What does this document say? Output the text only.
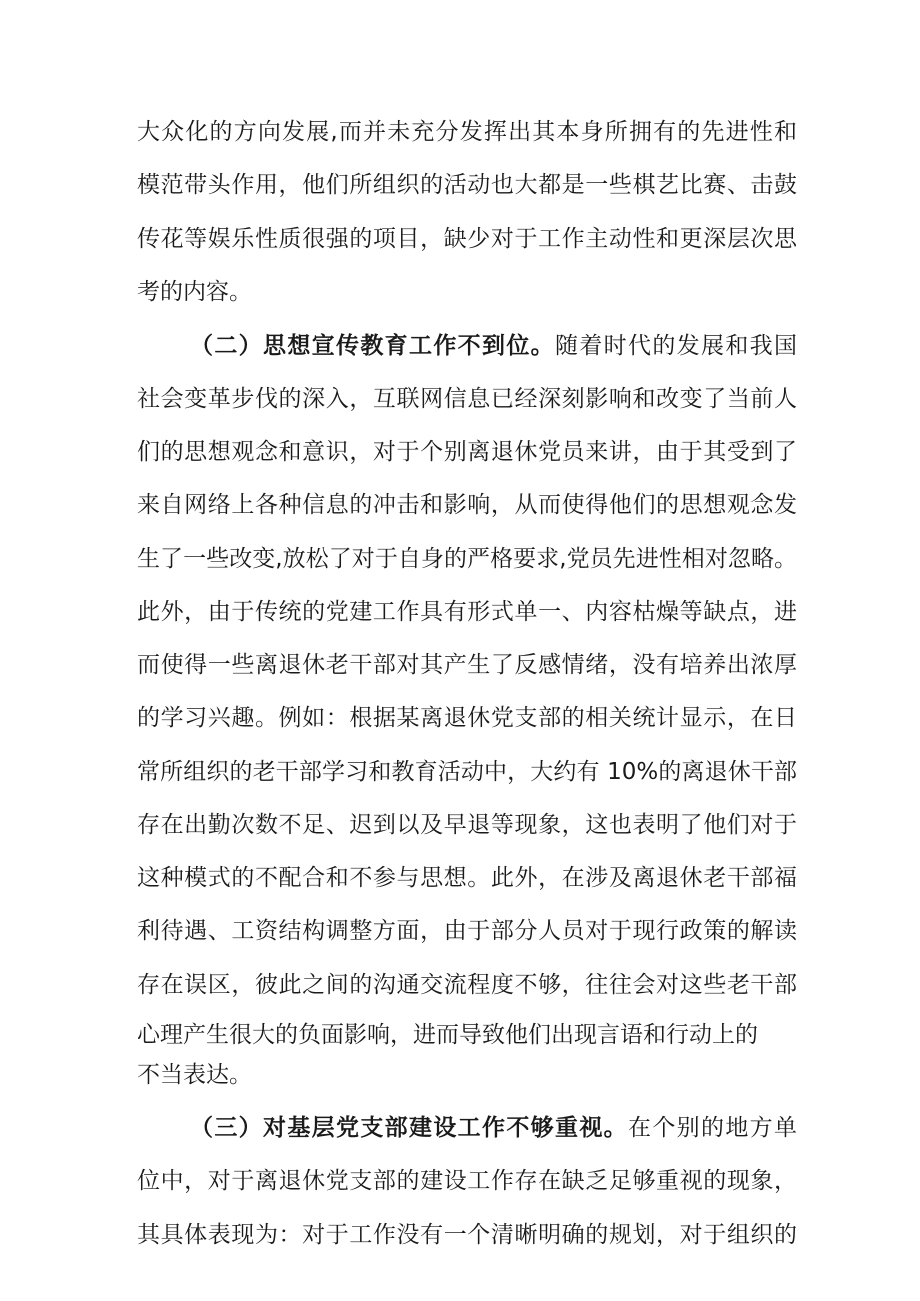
大众化的方向发展,而并未充分发挥出其本身所拥有的先进性和
模范带头作用，他们所组织的活动也大都是一些棋艺比赛、击鼓
传花等娱乐性质很强的项目，缺少对于工作主动性和更深层次思
考的内容。
（二）思想宣传教育工作不到位。随着时代的发展和我国
社会变革步伐的深入，互联网信息已经深刻影响和改变了当前人
们的思想观念和意识，对于个别离退休党员来讲，由于其受到了
来自网络上各种信息的冲击和影响，从而使得他们的思想观念发
生了一些改变,放松了对于自身的严格要求,党员先进性相对忽略。
此外，由于传统的党建工作具有形式单一、内容枯燥等缺点，进
而使得一些离退休老干部对其产生了反感情绪，没有培养出浓厚
的学习兴趣。例如：根据某离退休党支部的相关统计显示，在日
常所组织的老干部学习和教育活动中，大约有 10%的离退休干部
存在出勤次数不足、迟到以及早退等现象，这也表明了他们对于
这种模式的不配合和不参与思想。此外，在涉及离退休老干部福
利待遇、工资结构调整方面，由于部分人员对于现行政策的解读
存在误区，彼此之间的沟通交流程度不够，往往会对这些老干部
心理产生很大的负面影响，进而导致他们出现言语和行动上的
不当表达。
（三）对基层党支部建设工作不够重视。在个别的地方单
位中，对于离退休党支部的建设工作存在缺乏足够重视的现象，
其具体表现为：对于工作没有一个清晰明确的规划，对于组织的
